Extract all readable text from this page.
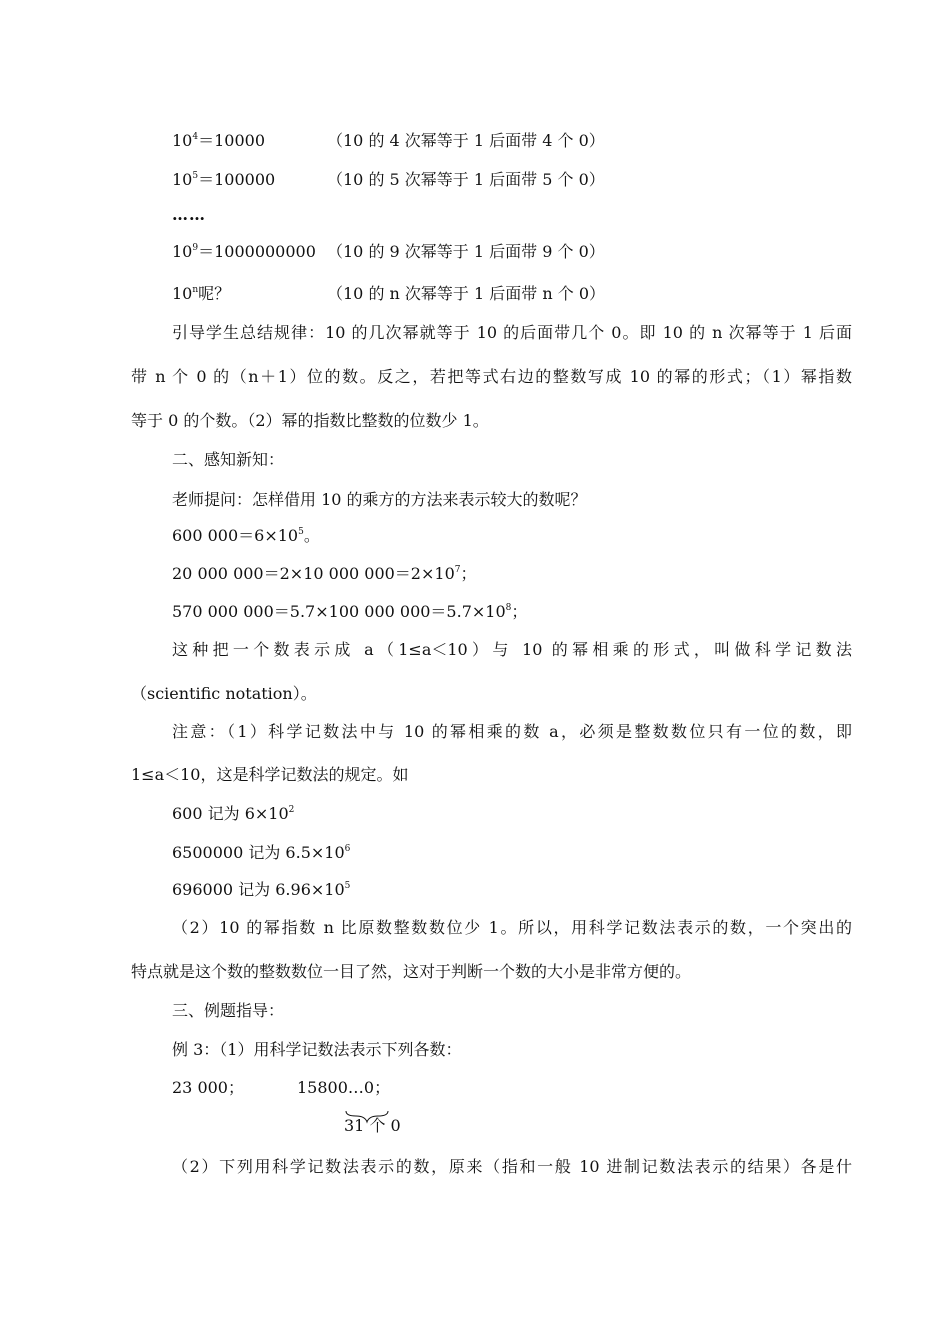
$10^4=10000$	（10 的 4 次幂等于 1 后面带 4 个 0）
$10^5=100000$	（10 的 5 次幂等于 1 后面带 5 个 0）
……
$10^9=1000000000$ （10 的 9 次幂等于 1 后面带 9 个 0）
10$^n$呢？	（10 的 n 次幂等于 1 后面带 n 个 0）
引导学生总结规律：10 的几次幂就等于 10 的后面带几个 0。即 10 的 n 次幂等于 1 后面
带 n 个 0 的（n＋1）位的数。反之，若把等式右边的整数写成 10 的幂的形式；（1）幂指数
等于 0 的个数。（2）幂的指数比整数的位数少 1。
二、感知新知：
老师提问：怎样借用 10 的乘方的方法来表示较大的数呢？
600 $000=6\times 10^5$。
20 000 000＝2×10 000 $000=2\times 10^7$；
570 000 000＝5.7×100 000 $000=5.7\times 10^8$；
这种把一个数表示成 a（1≤a＜10）与 10 的幂相乘的形式，叫做科学记数法
（scientific notation）。
注意：（1）科学记数法中与 10 的幂相乘的数 a，必须是整数数位只有一位的数，即
1≤a＜10，这是科学记数法的规定。如
600 记为 $6\times 10^2$
6500000 记为 $6.5\times 10^6$
696000 记为 $6.96\times 10^5$
（2）10 的幂指数 n 比原数整数数位少 1。所以，用科学记数法表示的数，一个突出的
特点就是这个数的整数数位一目了然，这对于判断一个数的大小是非常方便的。
三、例题指导：
例 3：（1）用科学记数法表示下列各数：
23 000；	15800…0；
31 个 0
（2）下列用科学记数法表示的数，原来（指和一般 10 进制记数法表示的结果）各是什
